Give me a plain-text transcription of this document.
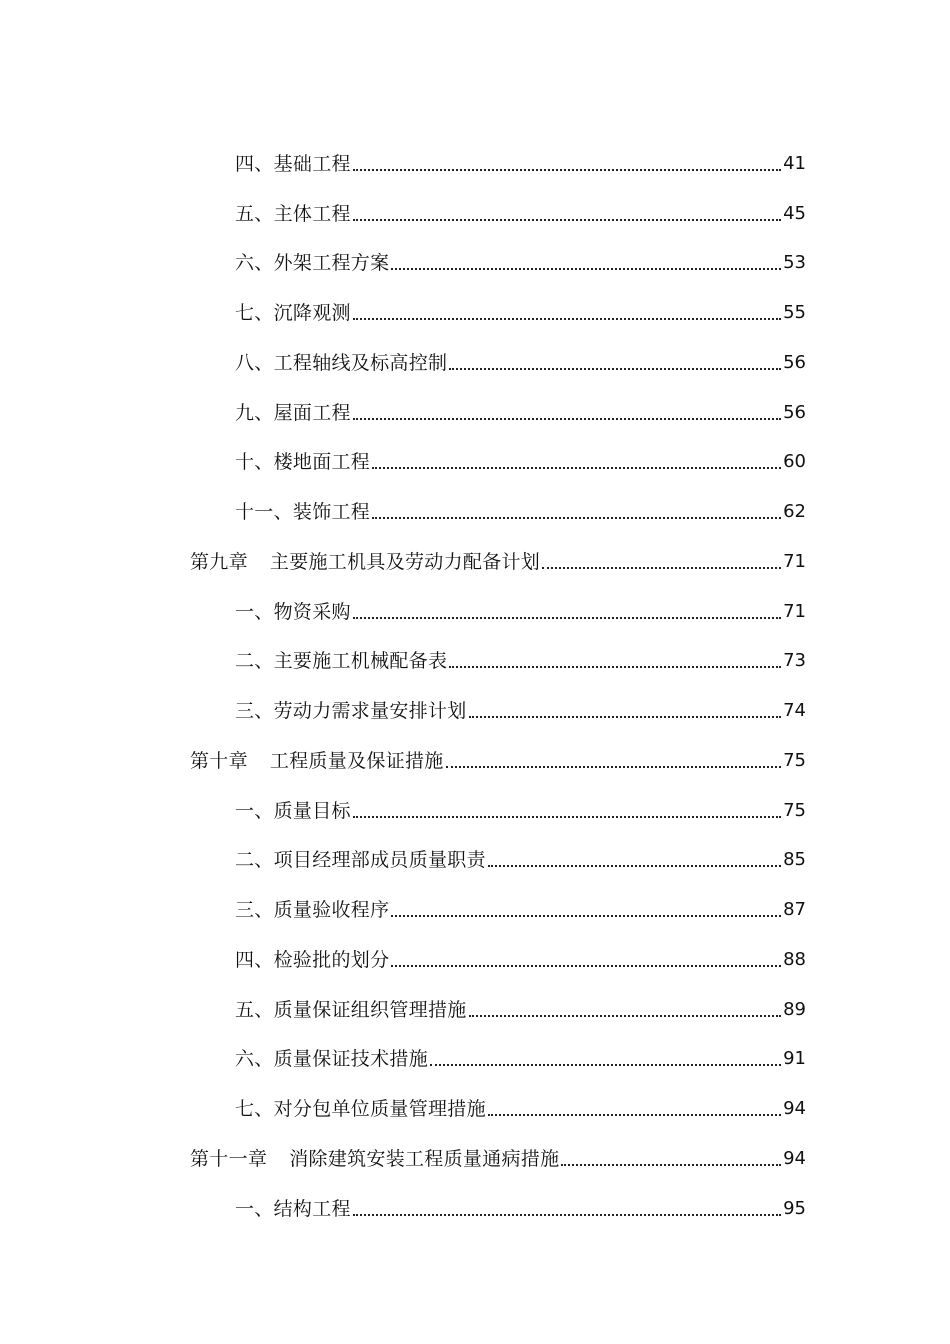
四、基础工程	41
五、主体工程	45
六、外架工程方案	53
七、沉降观测	55
八、工程轴线及标高控制	56
九、屋面工程	56
十、楼地面工程	60
十一、装饰工程	62
第九章 主要施工机具及劳动力配备计划	71
一、物资采购	71
二、主要施工机械配备表	73
三、劳动力需求量安排计划	74
第十章 工程质量及保证措施	75
一、质量目标	75
二、项目经理部成员质量职责	85
三、质量验收程序	87
四、检验批的划分	88
五、质量保证组织管理措施	89
六、质量保证技术措施	91
七、对分包单位质量管理措施	94
第十一章 消除建筑安装工程质量通病措施	94
一、结构工程	95
